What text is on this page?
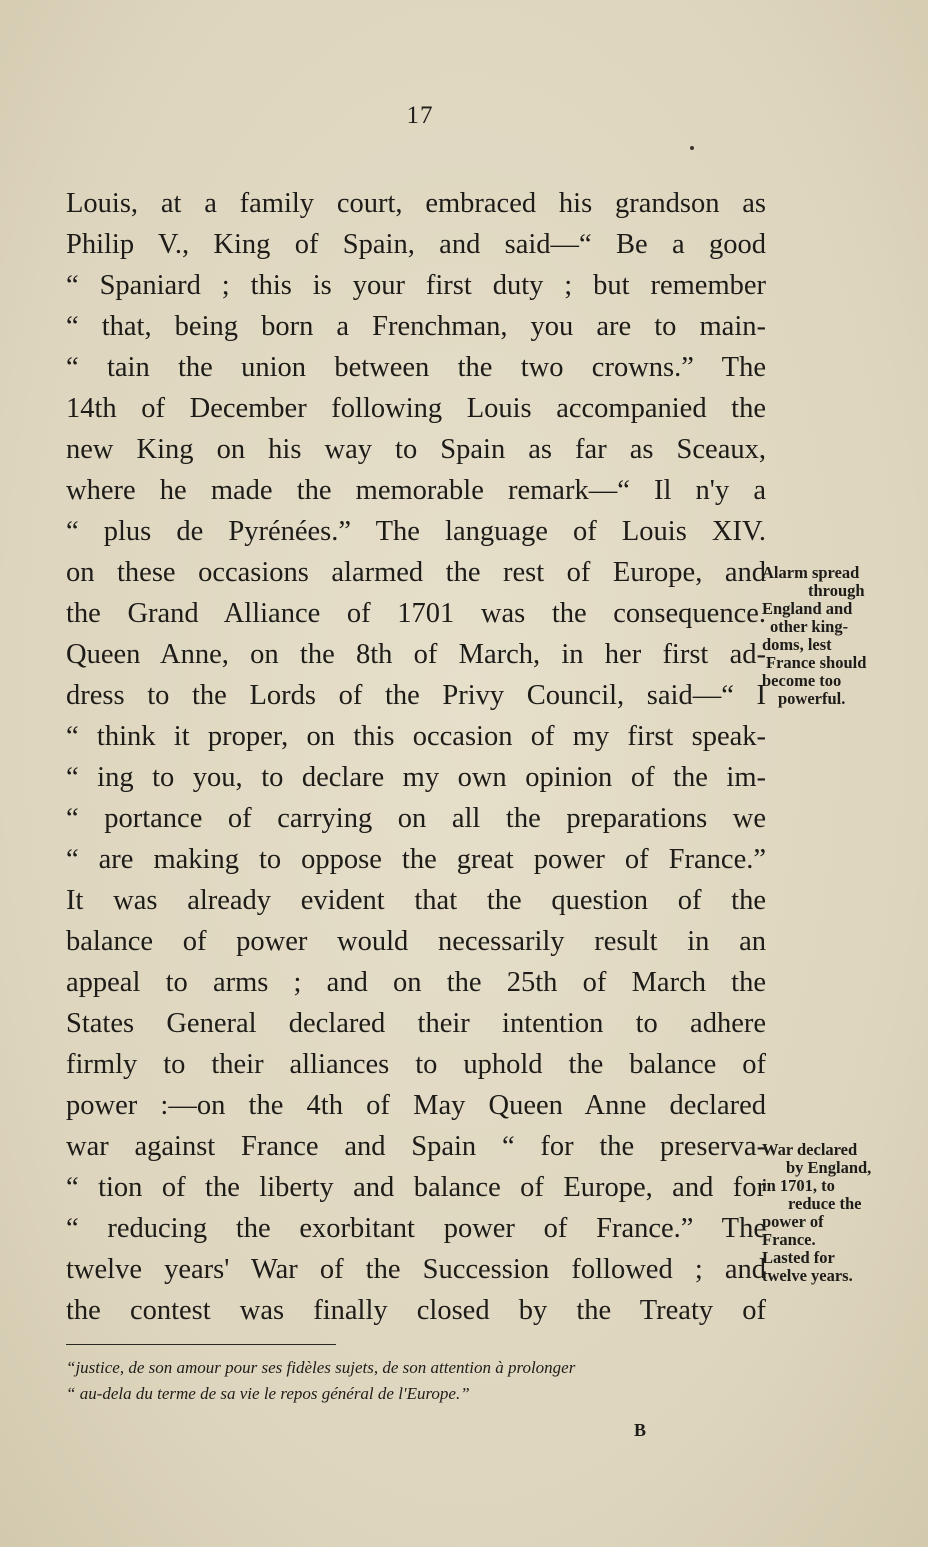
17
Louis, at a family court, embraced his grandson as
Philip V., King of Spain, and said—“ Be a good
“ Spaniard ; this is your first duty ; but remember
“ that, being born a Frenchman, you are to main-
“ tain the union between the two crowns.” The
14th of December following Louis accompanied the
new King on his way to Spain as far as Sceaux,
where he made the memorable remark—“ Il n'y a
“ plus de Pyrénées.” The language of Louis XIV.
on these occasions alarmed the rest of Europe, and
the Grand Alliance of 1701 was the consequence.
Queen Anne, on the 8th of March, in her first ad-
dress to the Lords of the Privy Council, said—“ I
“ think it proper, on this occasion of my first speak-
“ ing to you, to declare my own opinion of the im-
“ portance of carrying on all the preparations we
“ are making to oppose the great power of France.”
It was already evident that the question of the
balance of power would necessarily result in an
appeal to arms ; and on the 25th of March the
States General declared their intention to adhere
firmly to their alliances to uphold the balance of
power :—on the 4th of May Queen Anne declared
war against France and Spain “ for the preserva-
“ tion of the liberty and balance of Europe, and for
“ reducing the exorbitant power of France.” The
twelve years' War of the Succession followed ; and
the contest was finally closed by the Treaty of
Alarm spread
through
England and
other king-
doms, lest
France should
become too
powerful.
War declared
by England,
in 1701, to
reduce the
power of
France.
Lasted for
twelve years.
“justice, de son amour pour ses fidèles sujets, de son attention à prolonger
“ au-dela du terme de sa vie le repos général de l'Europe.”
B
